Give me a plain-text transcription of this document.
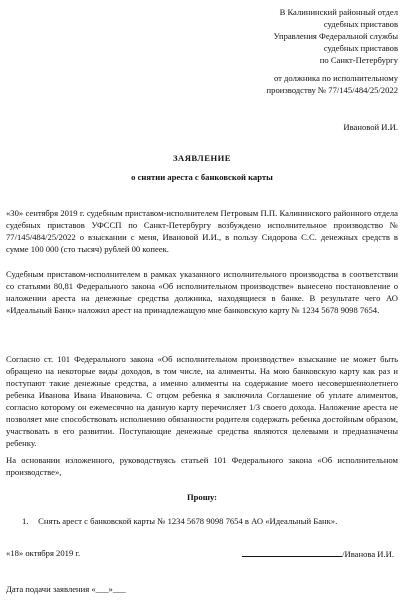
В Калининский районный отдел
судебных приставов
Управления Федеральной службы
судебных приставов
по Санкт-Петербургу
от должника по исполнительному
производству № 77/145/484/25/2022
Ивановой И.И.
ЗАЯВЛЕНИЕ
о снятии ареста с банковской карты
«30» сентября 2019 г. судебным приставом-исполнителем Петровым П.П. Калининского районного отдела судебных приставов УФССП по Санкт-Петербургу возбуждено исполнительное производство № 77/145/484/25/2022 о взыскании с меня, Ивановой И.И., в пользу Сидорова С.С. денежных средств в сумме 100 000 (сто тысяч) рублей 00 копеек.
Судебным приставом-исполнителем в рамках указанного исполнительного производства в соответствии со статьями 80,81 Федерального закона «Об исполнительном производстве» вынесено постановление о наложении ареста на денежные средства должника, находящиеся в банке. В результате чего АО «Идеальный Банк» наложил арест на принадлежащую мне банковскую карту № 1234 5678 9098 7654.
Согласно ст. 101 Федерального закона «Об исполнительном производстве» взыскание не может быть обращено на некоторые виды доходов, в том числе, на алименты. На мою банковскую карту как раз и поступают такие денежные средства, а именно алименты на содержание моего несовершеннолетнего ребенка Иванова Ивана Ивановича. С отцом ребенка я заключила Соглашение об уплате алиментов, согласно которому он ежемесячно на данную карту перечисляет 1/3 своего дохода. Наложение ареста не позволяет мне способствовать исполнению обязанности родителя содержать ребенка достойным образом, участвовать в его развитии. Поступающие денежные средства являются целевыми и предназначены ребенку.
На основании изложенного, руководствуясь статьей 101 Федерального закона «Об исполнительном производстве»,
Прошу:
1. Снять арест с банковской карты № 1234 5678 9098 7654 в АО «Идеальный Банк».
«18» октября 2019 г.	/Иванова И.И.
Дата подачи заявления «___»___
